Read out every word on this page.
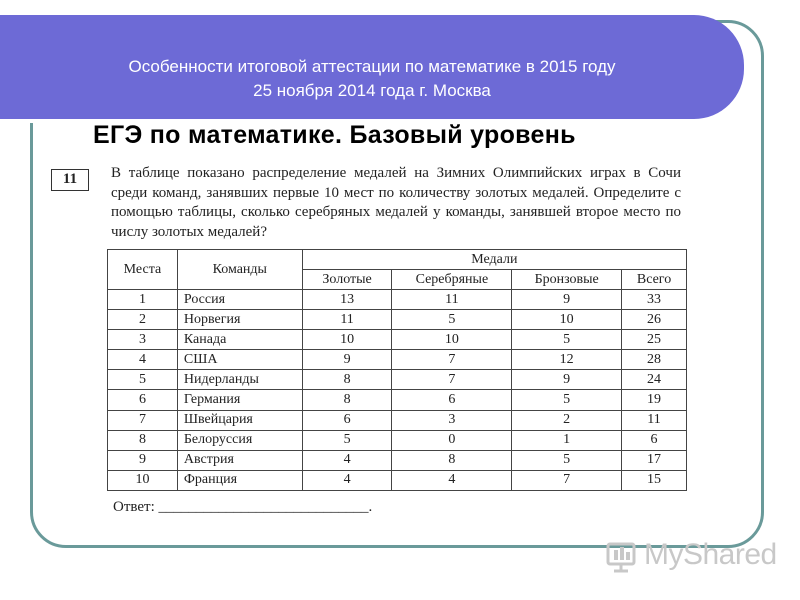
Особенности итоговой аттестации по математике в 2015 году
25 ноября 2014 года г. Москва
ЕГЭ по математике. Базовый уровень
11	В таблице показано распределение медалей на Зимних Олимпийских играх в Сочи среди команд, занявших первые 10 мест по количеству золотых медалей. Определите с помощью таблицы, сколько серебряных медалей у команды, занявшей второе место по числу золотых медалей?
Места	Команды	Медали			
		Золотые	Серебряные	Бронзовые	Всего
1	Россия	13	11	9	33
2	Норвегия	11	5	10	26
3	Канада	10	10	5	25
4	США	9	7	12	28
5	Нидерланды	8	7	9	24
6	Германия	8	6	5	19
7	Швейцария	6	3	2	11
8	Белоруссия	5	0	1	6
9	Австрия	4	8	5	17
10	Франция	4	4	7	15
Ответ: ____________________________.
MyShared
